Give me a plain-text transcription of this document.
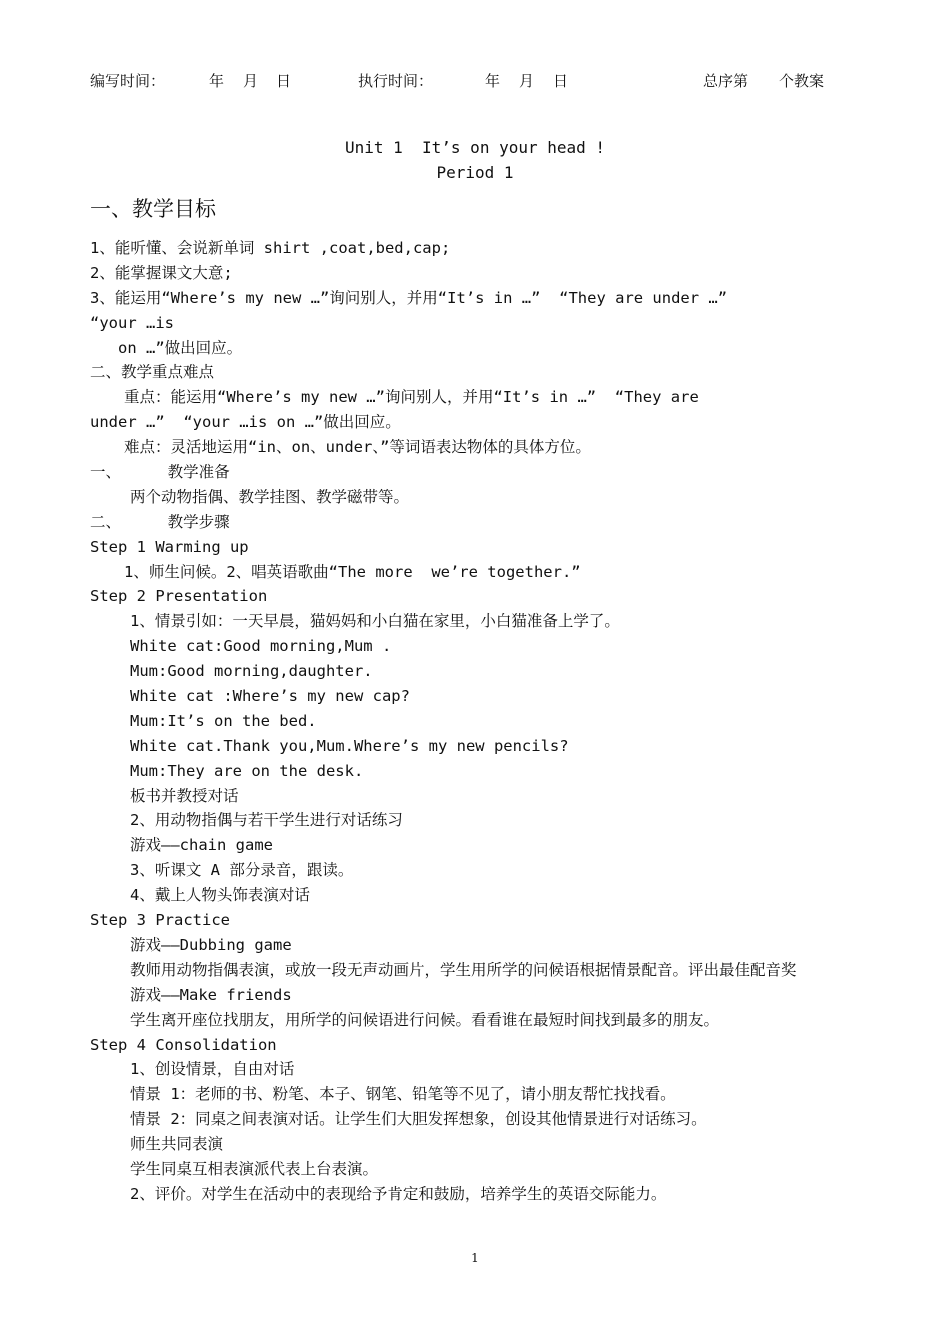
编写时间：	年 月 日	执行时间：	年 月 日	总序第 个教案
Unit 1  It’s on your head !
Period 1
一、教学目标
1、能听懂、会说新单词 shirt ,coat,bed,cap;
2、能掌握课文大意;
3、能运用“Where’s my new …”询问别人，并用“It’s in …”  “They are under …”
“your …is
on …”做出回应。
二、教学重点难点
重点：能运用“Where’s my new …”询问别人，并用“It’s in …”  “They are
under …”  “your …is on …”做出回应。
难点：灵活地运用“in、on、under、”等词语表达物体的具体方位。
一、     教学准备
两个动物指偶、教学挂图、教学磁带等。
二、     教学步骤
Step 1 Warming up
1、师生问候。2、唱英语歌曲“The more  we’re together.”
Step 2 Presentation
1、情景引如：一天早晨，猫妈妈和小白猫在家里，小白猫准备上学了。
White cat:Good morning,Mum .
Mum:Good morning,daughter.
White cat :Where’s my new cap?
Mum:It’s on the bed.
White cat.Thank you,Mum.Where’s my new pencils?
Mum:They are on the desk.
板书并教授对话
2、用动物指偶与若干学生进行对话练习
游戏——chain game
3、听课文 A 部分录音，跟读。
4、戴上人物头饰表演对话
Step 3 Practice
游戏——Dubbing game
教师用动物指偶表演，或放一段无声动画片，学生用所学的问候语根据情景配音。评出最佳配音奖
游戏——Make friends
学生离开座位找朋友，用所学的问候语进行问候。看看谁在最短时间找到最多的朋友。
Step 4 Consolidation
1、创设情景，自由对话
情景 1：老师的书、粉笔、本子、钢笔、铅笔等不见了，请小朋友帮忙找找看。
情景 2：同桌之间表演对话。让学生们大胆发挥想象，创设其他情景进行对话练习。
师生共同表演
学生同桌互相表演派代表上台表演。
2、评价。对学生在活动中的表现给予肯定和鼓励，培养学生的英语交际能力。
1
